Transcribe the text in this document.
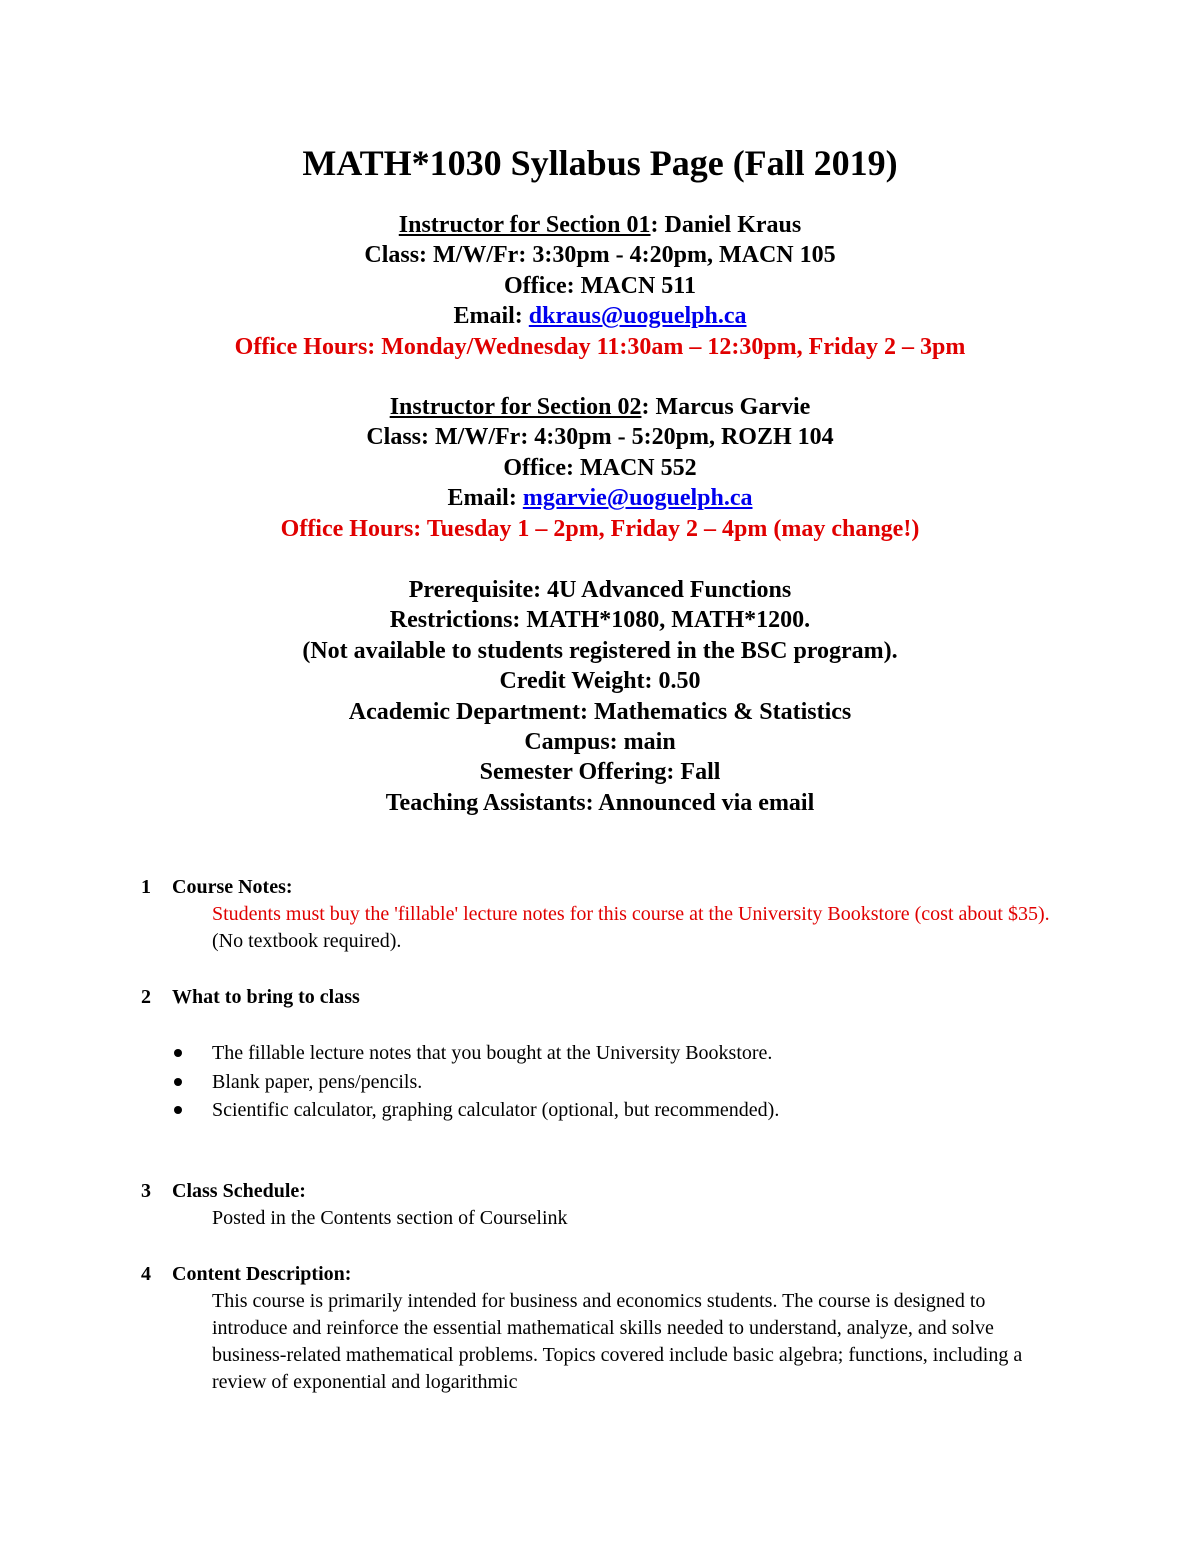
MATH*1030 Syllabus Page (Fall 2019)
Instructor for Section 01: Daniel Kraus
Class: M/W/Fr: 3:30pm - 4:20pm, MACN 105
Office: MACN 511
Email: dkraus@uoguelph.ca
Office Hours: Monday/Wednesday 11:30am – 12:30pm, Friday 2 – 3pm
Instructor for Section 02: Marcus Garvie
Class: M/W/Fr: 4:30pm - 5:20pm, ROZH 104
Office: MACN 552
Email: mgarvie@uoguelph.ca
Office Hours: Tuesday 1 – 2pm, Friday 2 – 4pm (may change!)
Prerequisite: 4U Advanced Functions
Restrictions: MATH*1080, MATH*1200.
(Not available to students registered in the BSC program).
Credit Weight: 0.50
Academic Department: Mathematics & Statistics
Campus: main
Semester Offering: Fall
Teaching Assistants: Announced via email
1 Course Notes:
Students must buy the 'fillable' lecture notes for this course at the University Bookstore (cost about $35). (No textbook required).
2 What to bring to class
The fillable lecture notes that you bought at the University Bookstore.
Blank paper, pens/pencils.
Scientific calculator, graphing calculator (optional, but recommended).
3 Class Schedule:
Posted in the Contents section of Courselink
4 Content Description:
This course is primarily intended for business and economics students. The course is designed to introduce and reinforce the essential mathematical skills needed to understand, analyze, and solve business-related mathematical problems. Topics covered include basic algebra; functions, including a review of exponential and logarithmic
